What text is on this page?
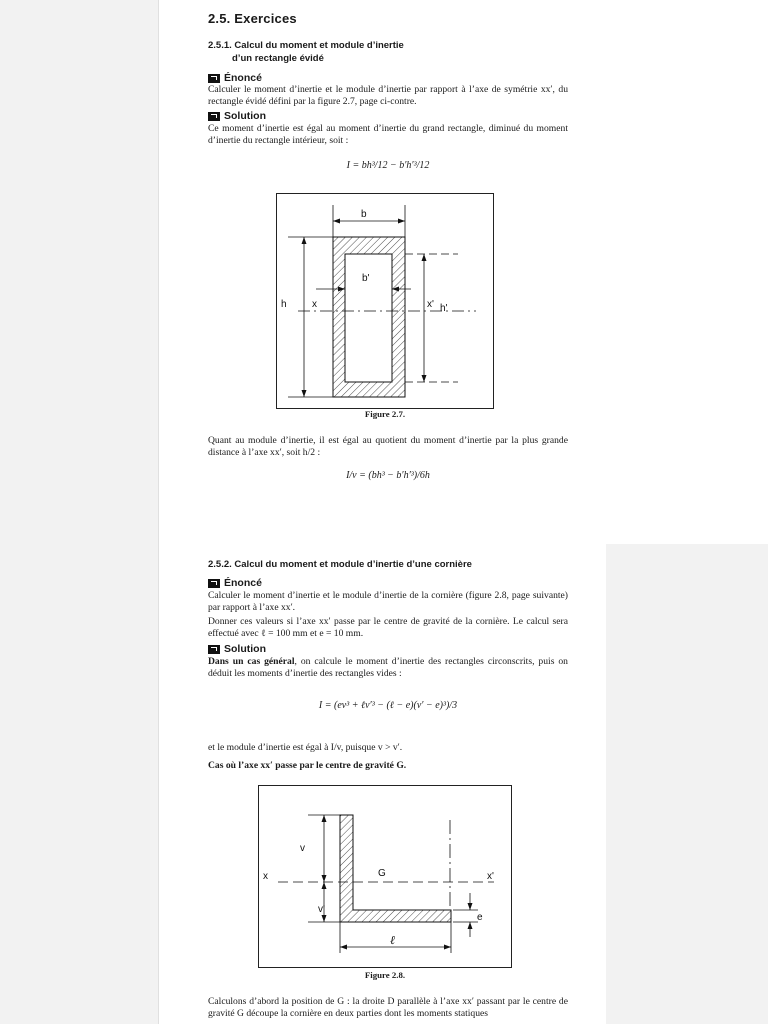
2.5. Exercices
2.5.1. Calcul du moment et module d’inertie
d’un rectangle évidé
Énoncé
Calculer le moment d’inertie et le module d’inertie par rapport à l’axe de symétrie xx′, du rectangle évidé défini par la figure 2.7, page ci-contre.
Solution
Ce moment d’inertie est égal au moment d’inertie du grand rectangle, diminué du moment d’inertie du rectangle intérieur, soit :
I = bh³/12 − b′h′³/12
b
h	h'
b'
x	x'
Figure 2.7.
Quant au module d’inertie, il est égal au quotient du moment d’inertie par la plus grande distance à l’axe xx′, soit h/2 :
I/v = (bh³ − b′h′³)/6h
2.5.2. Calcul du moment et module d’inertie d’une cornière
Énoncé
Calculer le moment d’inertie et le module d’inertie de la cornière (figure 2.8, page suivante) par rapport à l’axe xx′.
Donner ces valeurs si l’axe xx′ passe par le centre de gravité de la cornière. Le calcul sera effectué avec ℓ = 100 mm et e = 10 mm.
Solution
Dans un cas général, on calcule le moment d’inertie des rectangles circonscrits, puis on déduit les moments d’inertie des rectangles vides :
I = (ev³ + ℓv′³ − (ℓ − e)(v′ − e)³)/3
et le module d’inertie est égal à I/v, puisque v > v′.
Cas où l’axe xx′ passe par le centre de gravité G.
x	x'
G
v
v'
e
ℓ
Figure 2.8.
Calculons d’abord la position de G : la droite D parallèle à l’axe xx′ passant par le centre de gravité G découpe la cornière en deux parties dont les moments statiques
